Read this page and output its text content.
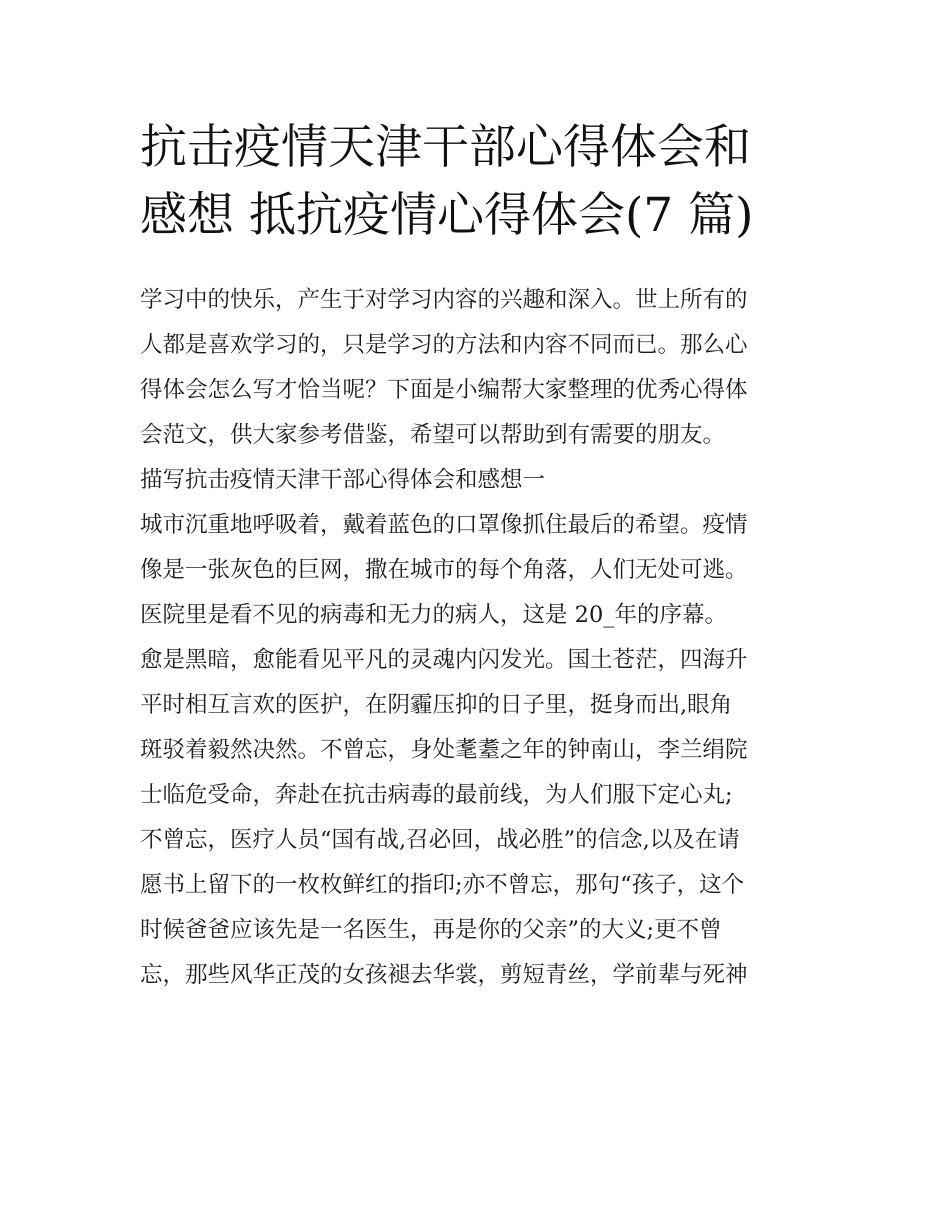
抗击疫情天津干部心得体会和
感想 抵抗疫情心得体会(7 篇)
学习中的快乐，产生于对学习内容的兴趣和深入。世上所有的
人都是喜欢学习的，只是学习的方法和内容不同而已。那么心
得体会怎么写才恰当呢？下面是小编帮大家整理的优秀心得体
会范文，供大家参考借鉴，希望可以帮助到有需要的朋友。
描写抗击疫情天津干部心得体会和感想一
城市沉重地呼吸着，戴着蓝色的口罩像抓住最后的希望。疫情
像是一张灰色的巨网，撒在城市的每个角落，人们无处可逃。
医院里是看不见的病毒和无力的病人，这是 20_年的序幕。
愈是黑暗，愈能看见平凡的灵魂内闪发光。国土苍茫，四海升
平时相互言欢的医护，在阴霾压抑的日子里，挺身而出,眼角
斑驳着毅然决然。不曾忘，身处耄耋之年的钟南山，李兰绢院
士临危受命，奔赴在抗击病毒的最前线，为人们服下定心丸;
不曾忘，医疗人员“国有战,召必回，战必胜”的信念,以及在请
愿书上留下的一枚枚鲜红的指印;亦不曾忘，那句“孩子，这个
时候爸爸应该先是一名医生，再是你的父亲”的大义;更不曾
忘，那些风华正茂的女孩褪去华裳，剪短青丝，学前辈与死神
